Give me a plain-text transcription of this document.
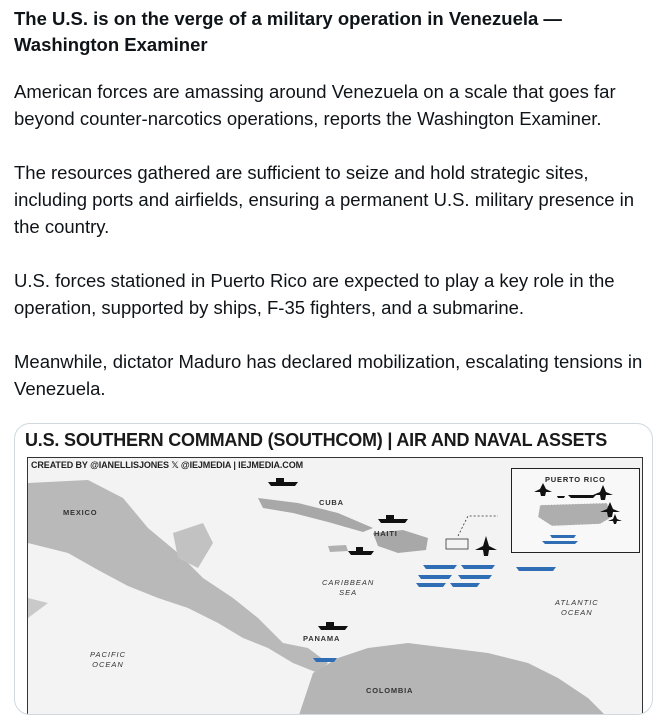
The U.S. is on the verge of a military operation in Venezuela — Washington Examiner
American forces are amassing around Venezuela on a scale that goes far beyond counter-narcotics operations, reports the Washington Examiner.
The resources gathered are sufficient to seize and hold strategic sites, including ports and airfields, ensuring a permanent U.S. military presence in the country.
U.S. forces stationed in Puerto Rico are expected to play a key role in the operation, supported by ships, F-35 fighters, and a submarine.
Meanwhile, dictator Maduro has declared mobilization, escalating tensions in Venezuela.
U.S. SOUTHERN COMMAND (SOUTHCOM) | AIR AND NAVAL ASSETS
CREATED BY @IANELLISJONES 𝕏 @IEJMEDIA | IEJMEDIA.COM
MEXICO
CUBA
HAITI
CARIBBEAN
SEA
PANAMA
PACIFIC
OCEAN
ATLANTIC
OCEAN
COLOMBIA
PUERTO RICO
